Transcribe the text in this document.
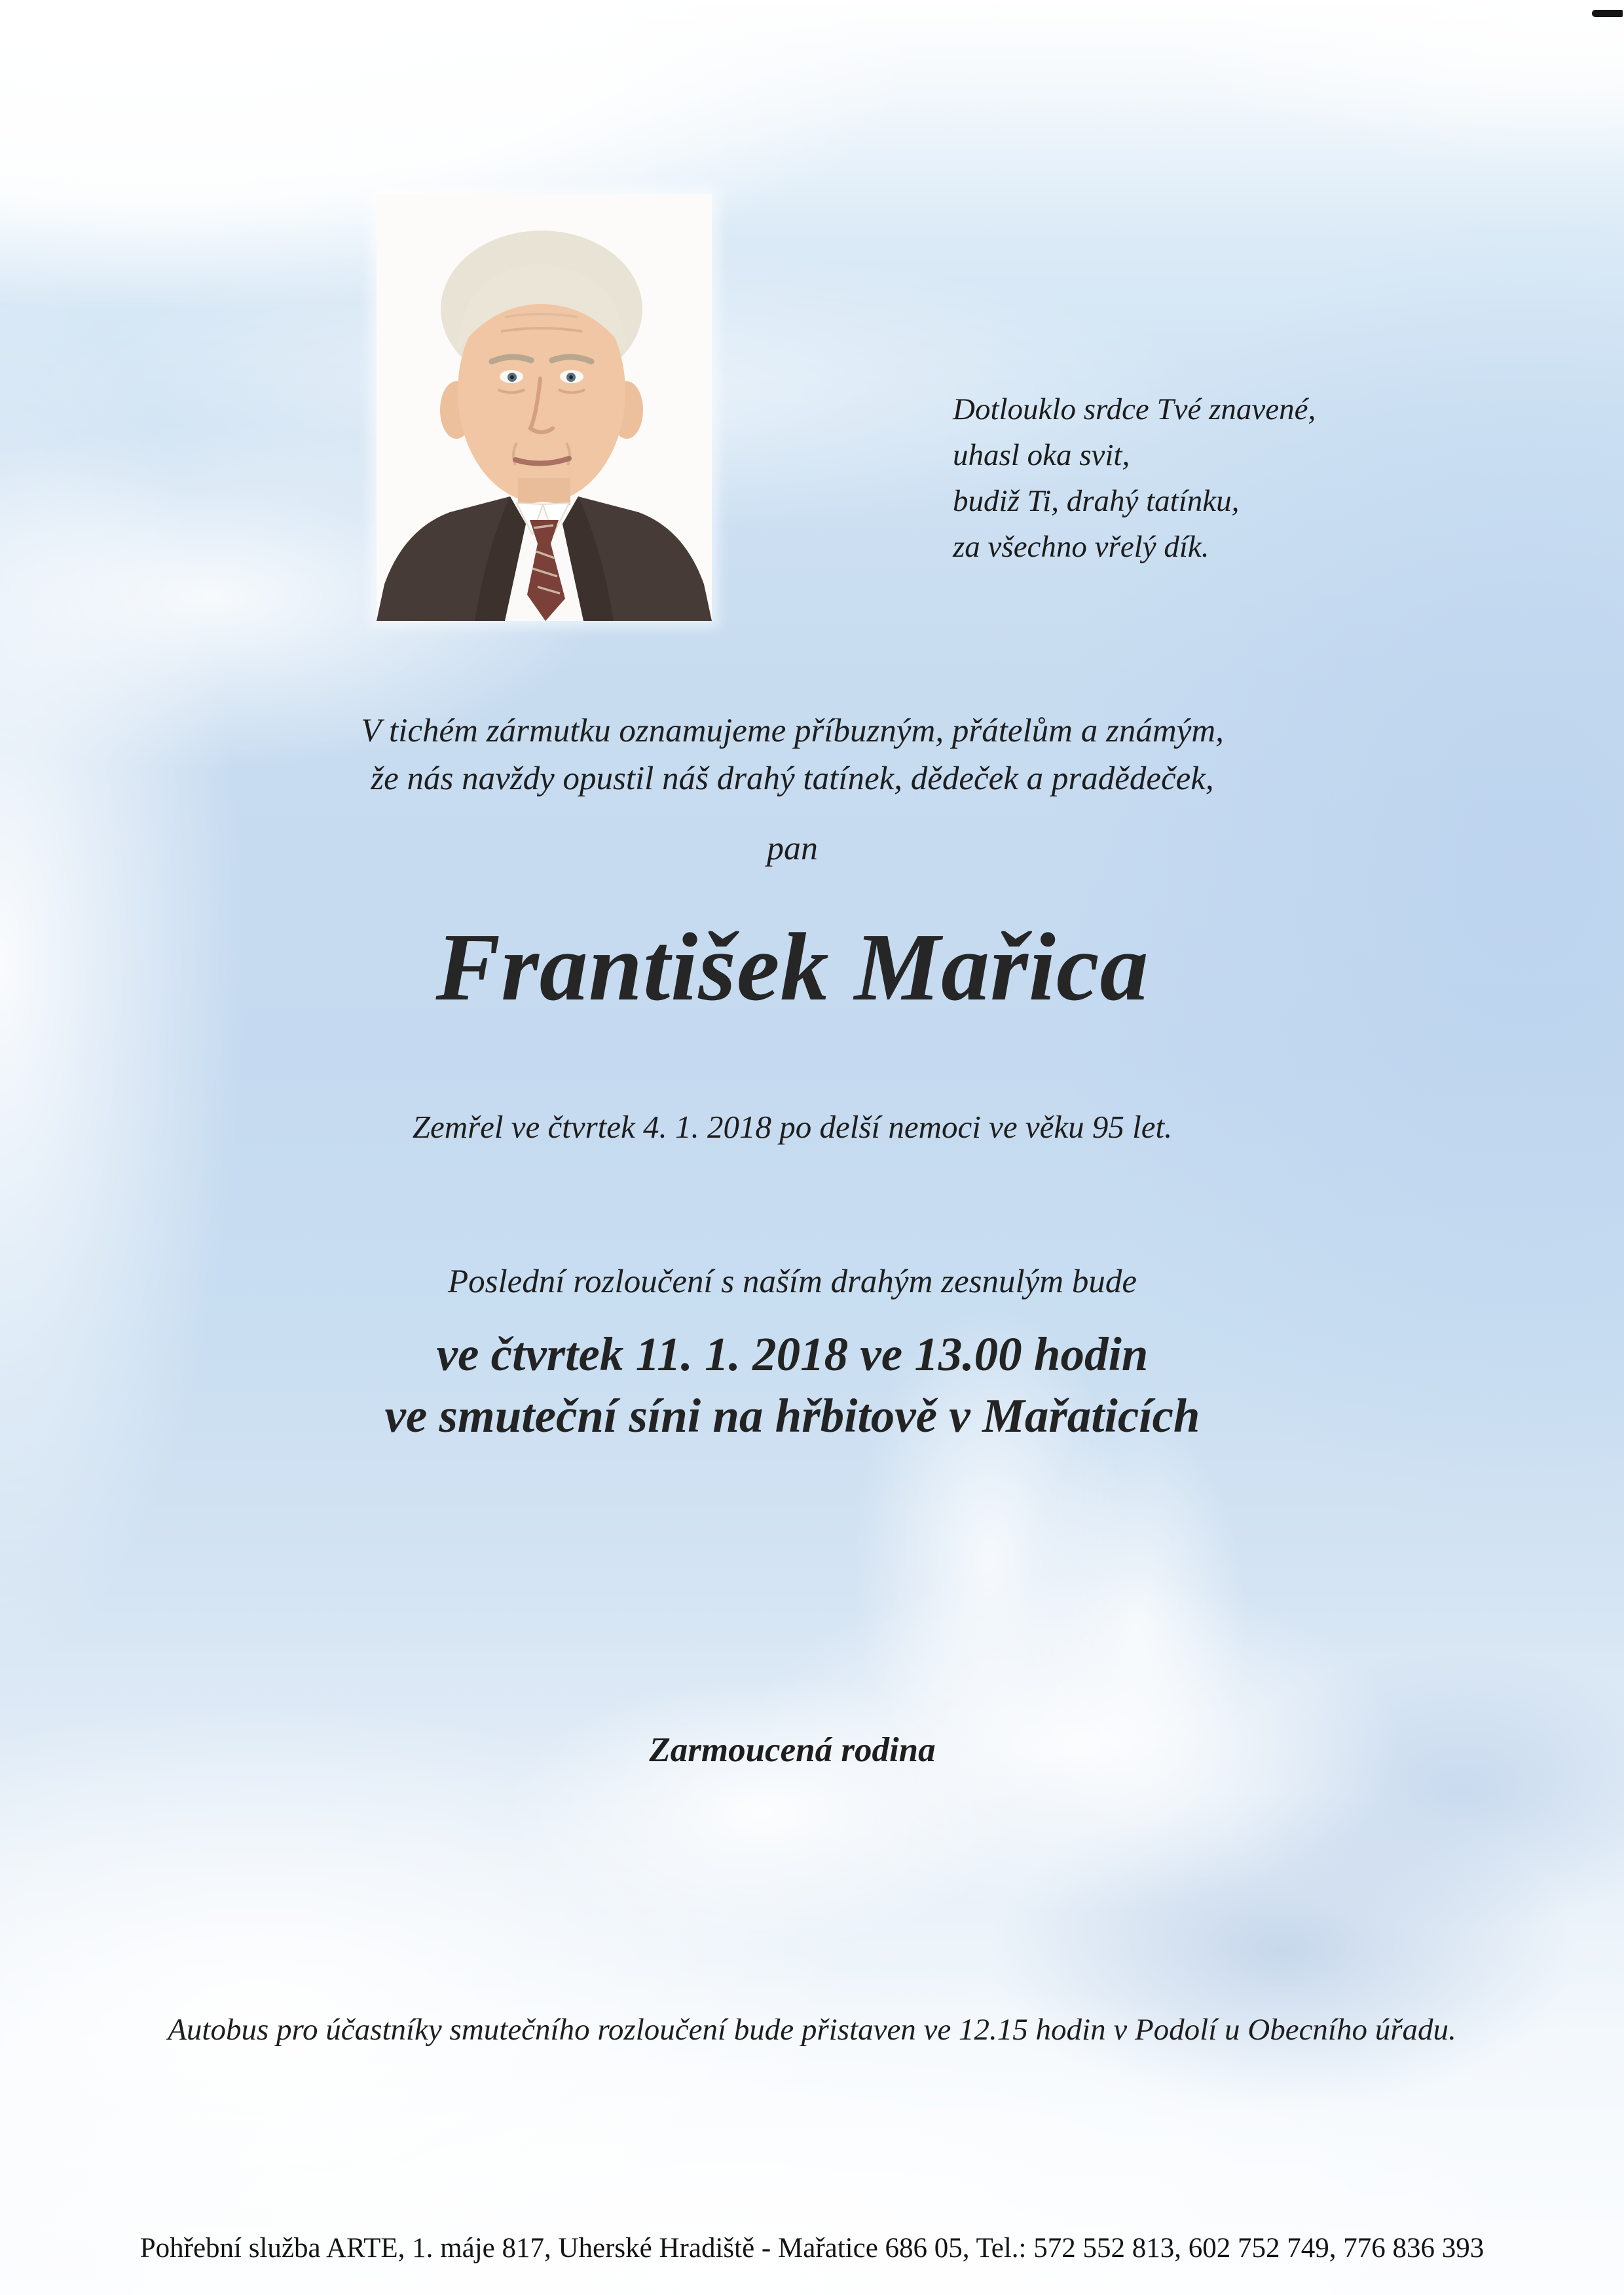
Dotlouklo srdce Tvé znavené,
uhasl oka svit,
budiž Ti, drahý tatínku,
za všechno vřelý dík.
V tichém zármutku oznamujeme příbuzným, přátelům a známým,
že nás navždy opustil náš drahý tatínek, dědeček a pradědeček,
pan
František Mařica
Zemřel ve čtvrtek 4. 1. 2018 po delší nemoci ve věku 95 let.
Poslední rozloučení s naším drahým zesnulým bude
ve čtvrtek 11. 1. 2018 ve 13.00 hodin
ve smuteční síni na hřbitově v Mařaticích
Zarmoucená rodina
Autobus pro účastníky smutečního rozloučení bude přistaven ve 12.15 hodin v Podolí u Obecního úřadu.
Pohřební služba ARTE, 1. máje 817, Uherské Hradiště - Mařatice 686 05, Tel.: 572 552 813, 602 752 749, 776 836 393
